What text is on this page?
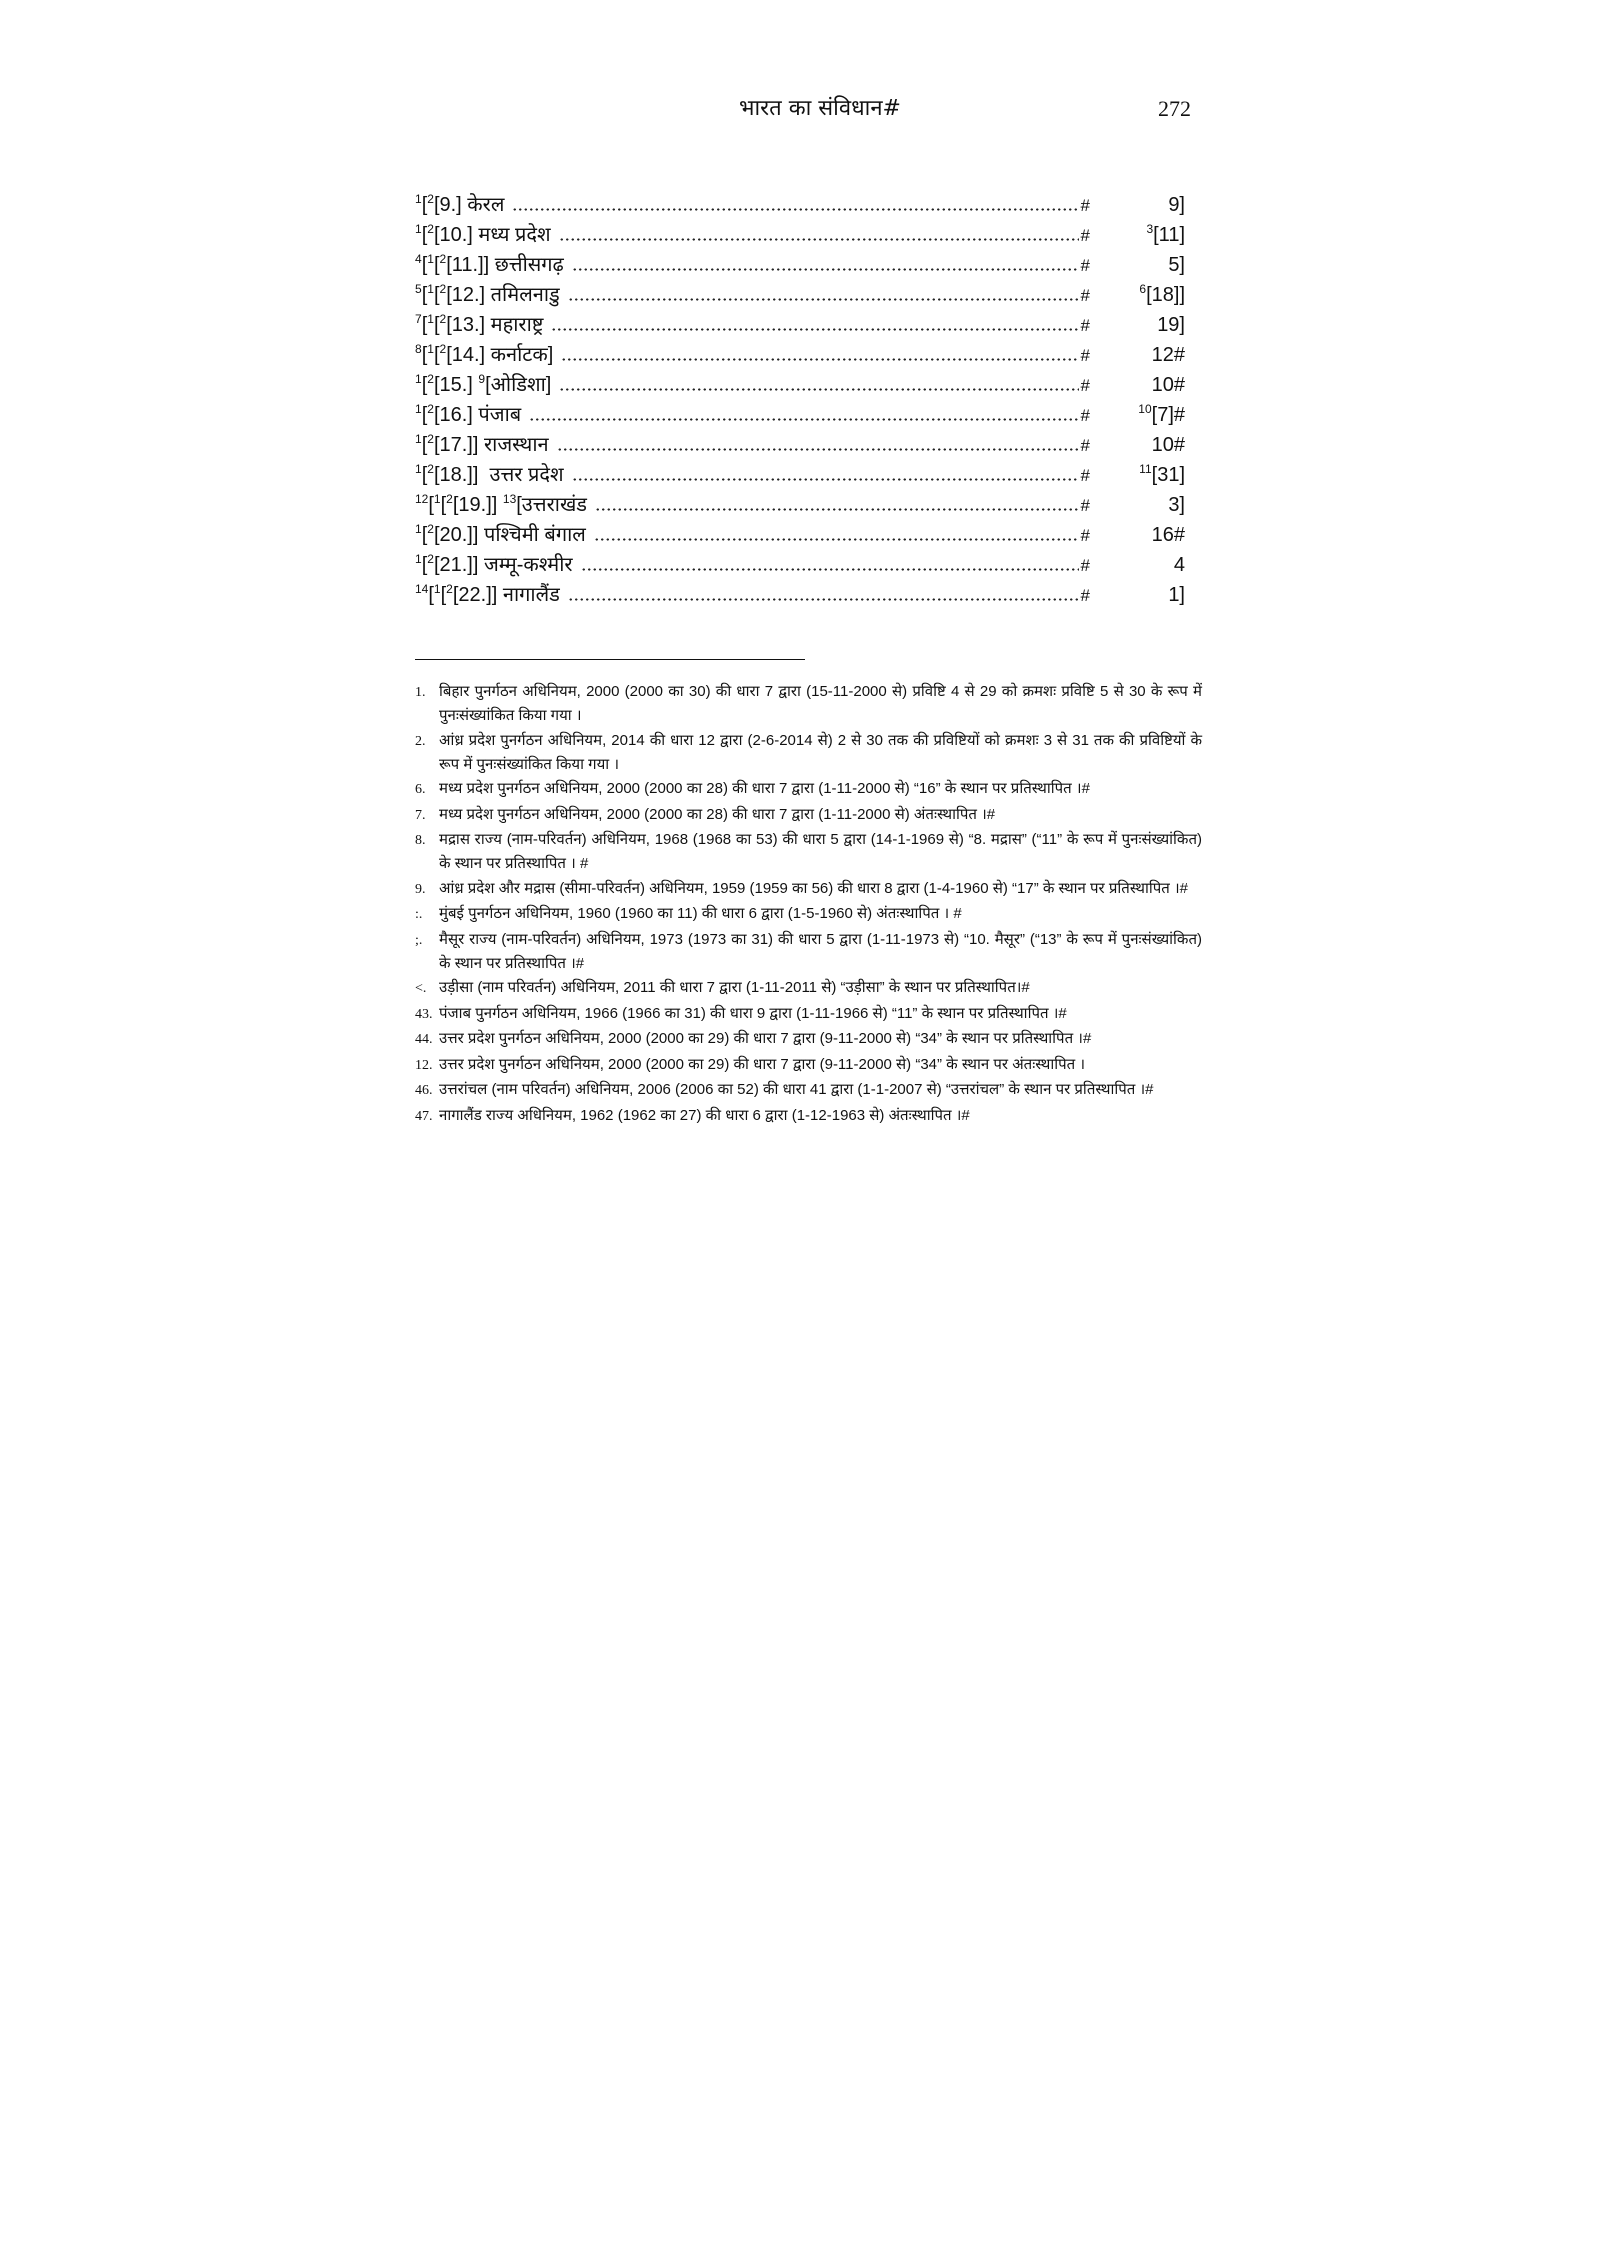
भारत का संविधान#	272
$^1$[$^2$[9.] केरल	#	9]
$^1$[$^2$[10.] मध्य प्रदेश	#	$^3$[11]
$^4$[$^1$[$^2$[11.]] छत्तीसगढ़	#	5]
$^5$[$^1$[$^2$[12.] तमिलनाडु	#	$^6$[18]]
$^7$[$^1$[$^2$[13.] महाराष्ट्र	#	19]
$^8$[$^1$[$^2$[14.] कर्नाटक]	#	12#
$^1$[$^2$[15.] $^9$[ओडिशा]	#	10#
$^1$[$^2$[16.] पंजाब	#	$^{10}$[7]#
$^1$[$^2$[17.]] राजस्थान	#	10#
$^1$[$^2$[18.]]  उत्तर प्रदेश	#	$^{11}$[31]
$^{12}$[$^1$[$^2$[19.]] $^{13}$[उत्तराखंड	#	3]
$^1$[$^2$[20.]] पश्चिमी बंगाल	#	16#
$^1$[$^2$[21.]] जम्मू-कश्मीर	#	4
$^{14}$[$^1$[$^2$[22.]] नागालैंड	#	1]
1. बिहार पुनर्गठन अधिनियम, 2000 (2000 का 30) की धारा 7 द्वारा (15-11-2000 से) प्रविष्टि 4 से 29 को क्रमशः प्रविष्टि 5 से 30 के रूप में पुनःसंख्यांकित किया गया ।
2. आंध्र प्रदेश पुनर्गठन अधिनियम, 2014 की धारा 12 द्वारा (2-6-2014 से) 2 से 30 तक की प्रविष्टियों को क्रमशः 3 से 31 तक की प्रविष्टियों के रूप में पुनःसंख्यांकित किया गया ।
6. मध्य प्रदेश पुनर्गठन अधिनियम, 2000 (2000 का 28) की धारा 7 द्वारा (1-11-2000 से) “16” के स्थान पर प्रतिस्थापित ।#
7. मध्य प्रदेश पुनर्गठन अधिनियम, 2000 (2000 का 28) की धारा 7 द्वारा (1-11-2000 से) अंतःस्थापित ।#
8. मद्रास राज्य (नाम-परिवर्तन) अधिनियम, 1968 (1968 का 53) की धारा 5 द्वारा (14-1-1969 से) “8. मद्रास” (“11” के रूप में पुनःसंख्यांकित) के स्थान पर प्रतिस्थापित । #
9. आंध्र प्रदेश और मद्रास (सीमा-परिवर्तन) अधिनियम, 1959 (1959 का 56) की धारा 8 द्वारा (1-4-1960 से) “17” के स्थान पर प्रतिस्थापित ।#
:.	मुंबई पुनर्गठन अधिनियम, 1960 (1960 का 11) की धारा 6 द्वारा (1-5-1960 से) अंतःस्थापित । #
;.	मैसूर राज्य (नाम-परिवर्तन) अधिनियम, 1973 (1973 का 31) की धारा 5 द्वारा (1-11-1973 से) “10. मैसूर” (“13” के रूप में पुनःसंख्यांकित) के स्थान पर प्रतिस्थापित ।#
<. उड़ीसा (नाम परिवर्तन) अधिनियम, 2011 की धारा 7 द्वारा (1-11-2011 से) “उड़ीसा” के स्थान पर प्रतिस्थापित।#
43. पंजाब पुनर्गठन अधिनियम, 1966 (1966 का 31) की धारा 9 द्वारा (1-11-1966 से) “11” के स्थान पर प्रतिस्थापित ।#
44. उत्तर प्रदेश पुनर्गठन अधिनियम, 2000 (2000 का 29) की धारा 7 द्वारा (9-11-2000 से) “34” के स्थान पर प्रतिस्थापित ।#
12. उत्तर प्रदेश पुनर्गठन अधिनियम, 2000 (2000 का 29) की धारा 7 द्वारा (9-11-2000 से) “34” के स्थान पर अंतःस्थापित ।
46. उत्तरांचल (नाम परिवर्तन) अधिनियम, 2006 (2006 का 52) की धारा 41 द्वारा (1-1-2007 से) “उत्तरांचल” के स्थान पर प्रतिस्थापित ।#
47. नागालैंड राज्य अधिनियम, 1962 (1962 का 27) की धारा 6 द्वारा (1-12-1963 से) अंतःस्थापित ।#
